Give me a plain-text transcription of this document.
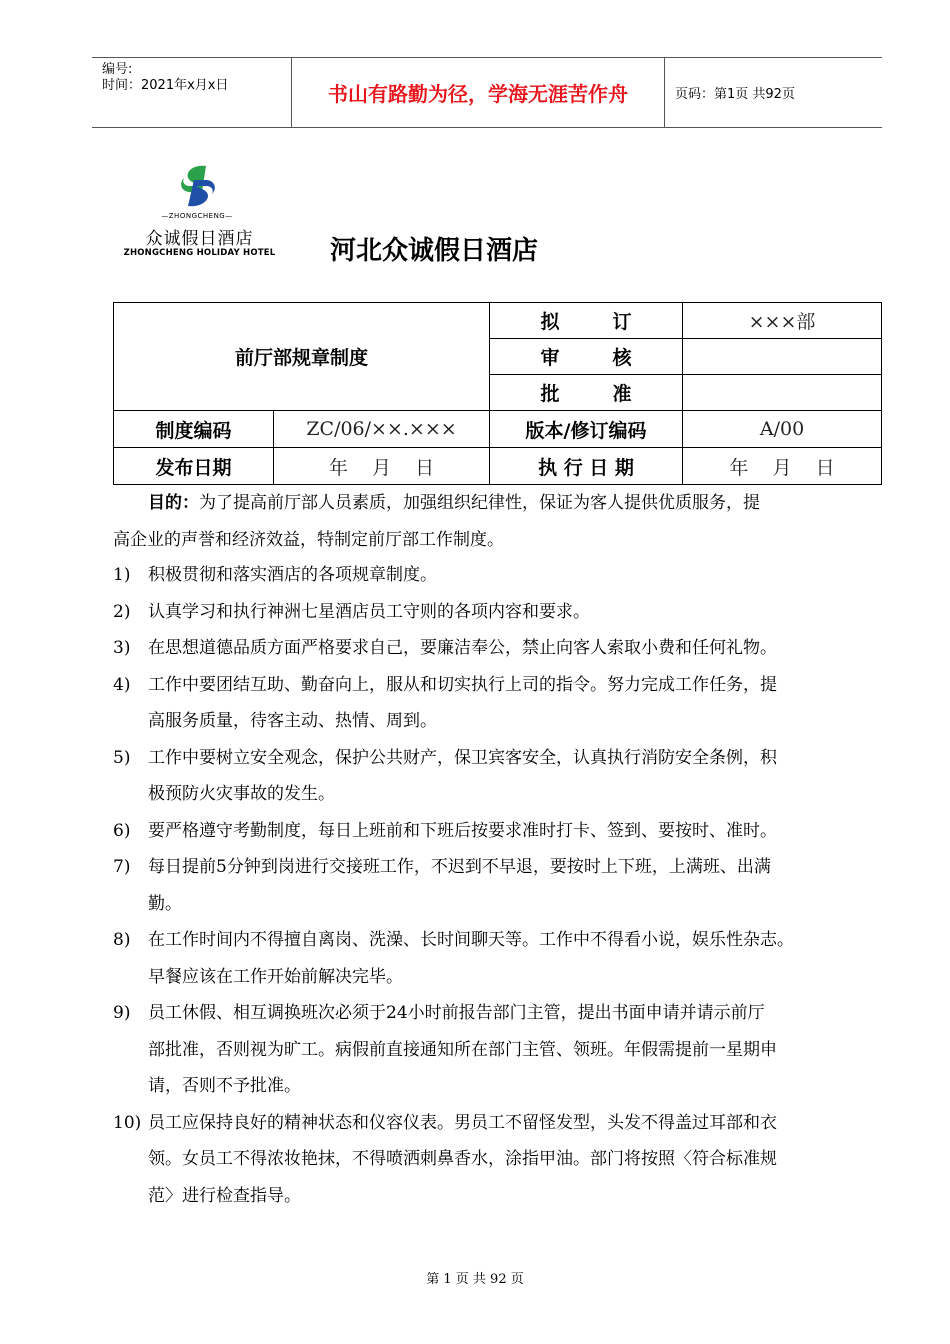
编号:
时间：2021年x月x日	书山有路勤为径，学海无涯苦作舟	页码：第1页 共92页
—ZHONGCHENG—
众诚假日酒店
ZHONGCHENG HOLIDAY HOTEL	河北众诚假日酒店
前厅部规章制度		拟        订	×××部
		审        核	
		批        准	
制度编码	ZC/06/××.×××	版本/修订编码	A/00
发布日期	年    月    日	执 行 日 期	年    月    日
目的：为了提高前厅部人员素质，加强组织纪律性，保证为客人提供优质服务，提
高企业的声誉和经济效益，特制定前厅部工作制度。
1) 积极贯彻和落实酒店的各项规章制度。
2) 认真学习和执行神洲七星酒店员工守则的各项内容和要求。
3) 在思想道德品质方面严格要求自己，要廉洁奉公，禁止向客人索取小费和任何礼物。
4) 工作中要团结互助、勤奋向上，服从和切实执行上司的指令。努力完成工作任务，提
高服务质量，待客主动、热情、周到。
5) 工作中要树立安全观念，保护公共财产，保卫宾客安全，认真执行消防安全条例，积
极预防火灾事故的发生。
6) 要严格遵守考勤制度，每日上班前和下班后按要求准时打卡、签到、要按时、准时。
7) 每日提前5分钟到岗进行交接班工作，不迟到不早退，要按时上下班，上满班、出满
勤。
8) 在工作时间内不得擅自离岗、洗澡、长时间聊天等。工作中不得看小说，娱乐性杂志。
早餐应该在工作开始前解决完毕。
9) 员工休假、相互调换班次必须于24小时前报告部门主管，提出书面申请并请示前厅
部批准，否则视为旷工。病假前直接通知所在部门主管、领班。年假需提前一星期申
请，否则不予批准。
10) 员工应保持良好的精神状态和仪容仪表。男员工不留怪发型，头发不得盖过耳部和衣
领。女员工不得浓妆艳抹，不得喷洒刺鼻香水，涂指甲油。部门将按照〈符合标准规
范〉进行检查指导。
第 1 页 共 92 页
